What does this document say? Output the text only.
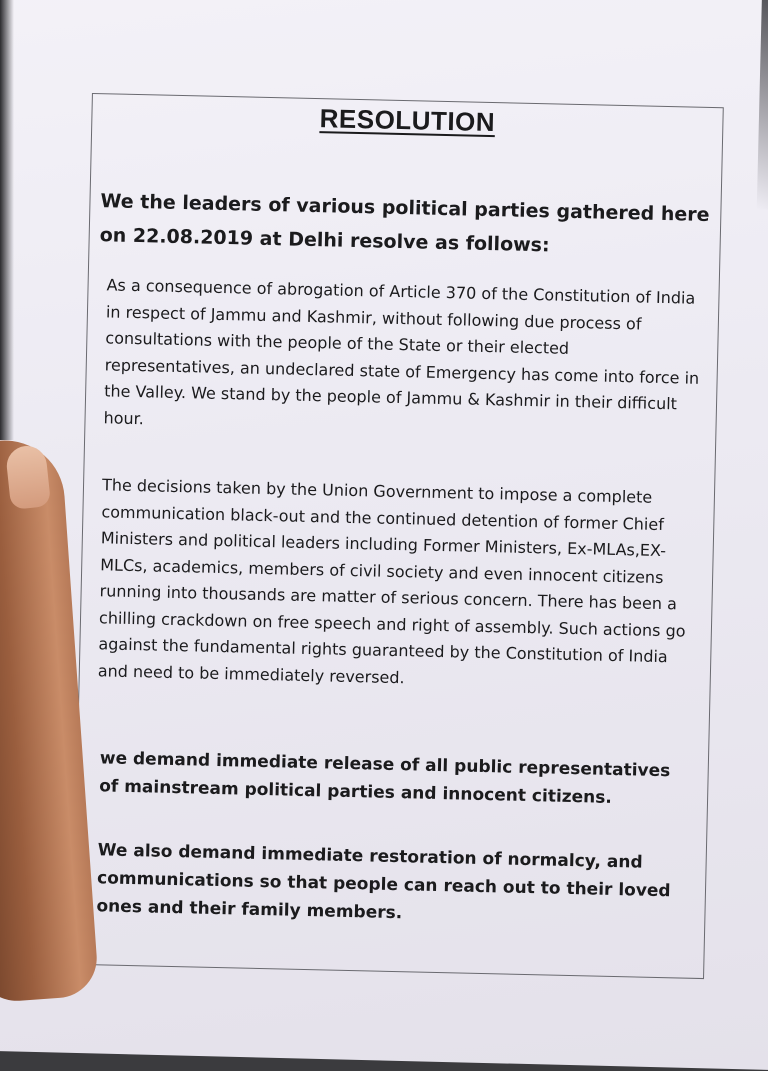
RESOLUTION
We the leaders of various political parties gathered here on 22.08.2019 at Delhi resolve as follows:
As a consequence of abrogation of Article 370 of the Constitution of India in respect of Jammu and Kashmir, without following due process of consultations with the people of the State or their elected representatives, an undeclared state of Emergency has come into force in the Valley. We stand by the people of Jammu & Kashmir in their difficult hour.
The decisions taken by the Union Government to impose a complete communication black-out and the continued detention of former Chief Ministers and political leaders including Former Ministers, Ex-MLAs,EX-MLCs, academics, members of civil society and even innocent citizens running into thousands are matter of serious concern. There has been a chilling crackdown on free speech and right of assembly. Such actions go against the fundamental rights guaranteed by the Constitution of India and need to be immediately reversed.
we demand immediate release of all public representatives of mainstream political parties and innocent citizens.
We also demand immediate restoration of normalcy, and communications so that people can reach out to their loved ones and their family members.
